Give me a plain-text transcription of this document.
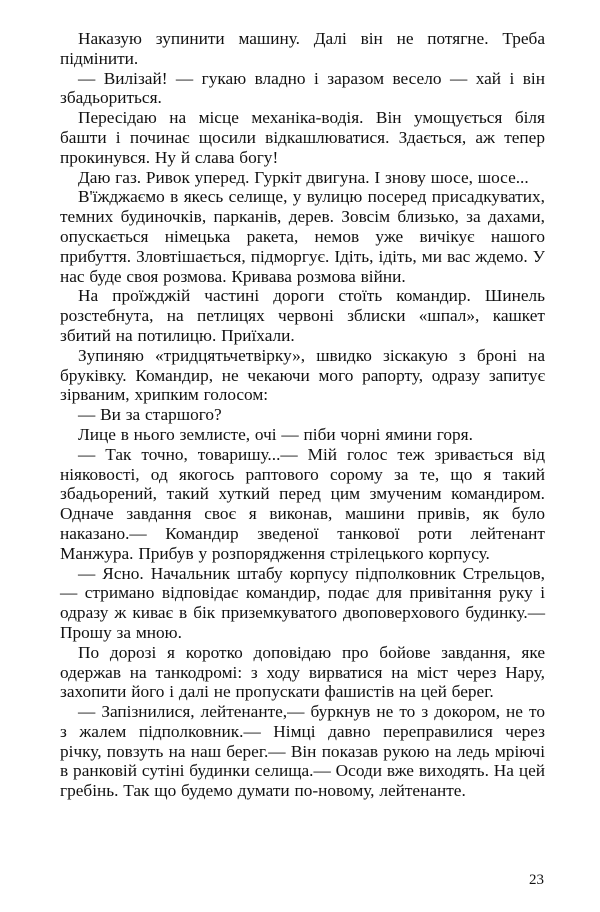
Наказую зупинити машину. Далі він не потягне. Треба підмінити.

— Вилізай! — гукаю владно і заразом весело — хай і він збадьориться.

Пересідаю на місце механіка-водія. Він умощується біля башти і починає щосили відкашлюватися. Здається, аж тепер прокинувся. Ну й слава богу!

Даю газ. Ривок уперед. Гуркіт двигуна. І знову шосе, шосе...

В'їжджаємо в якесь селище, у вулицю посеред присадкуватих, темних будиночків, парканів, дерев. Зовсім близько, за дахами, опускається німецька ракета, немов уже вичікує нашого прибуття. Зловтішається, підморгує. Ідіть, ідіть, ми вас ждемо. У нас буде своя розмова. Кривава розмова війни.

На проїжджій частині дороги стоїть командир. Шинель розстебнута, на петлицях червоні зблиски «шпал», кашкет збитий на потилицю. Приїхали.

Зупиняю «тридцятьчетвірку», швидко зіскакую з броні на бруківку. Командир, не чекаючи мого рапорту, одразу запитує зірваним, хрипким голосом:

— Ви за старшого?

Лице в нього землисте, очі — піби чорні ямини горя.

— Так точно, товаришу...— Мій голос теж зривається від ніяковості, од якогось раптового сорому за те, що я такий збадьорений, такий хуткий перед цим змученим командиром. Одначе завдання своє я виконав, машини привів, як було наказано.— Командир зведеної танкової роти лейтенант Манжура. Прибув у розпорядження стрілецького корпусу.

— Ясно. Начальник штабу корпусу підполковник Стрельцов,— стримано відповідає командир, подає для привітання руку і одразу ж киває в бік приземкуватого двоповерхового будинку.— Прошу за мною.

По дорозі я коротко доповідаю про бойове завдання, яке одержав на танкодромі: з ходу вирватися на міст через Нару, захопити його і далі не пропускати фашистів на цей берег.

— Запізнилися, лейтенанте,— буркнув не то з докором, не то з жалем підполковник.— Німці давно переправилися через річку, повзуть на наш берег.— Він показав рукою на ледь мріючі в ранковій сутіні будинки селища.— Осоди вже виходять. На цей гребінь. Так що будемо думати по-новому, лейтенанте.

23
